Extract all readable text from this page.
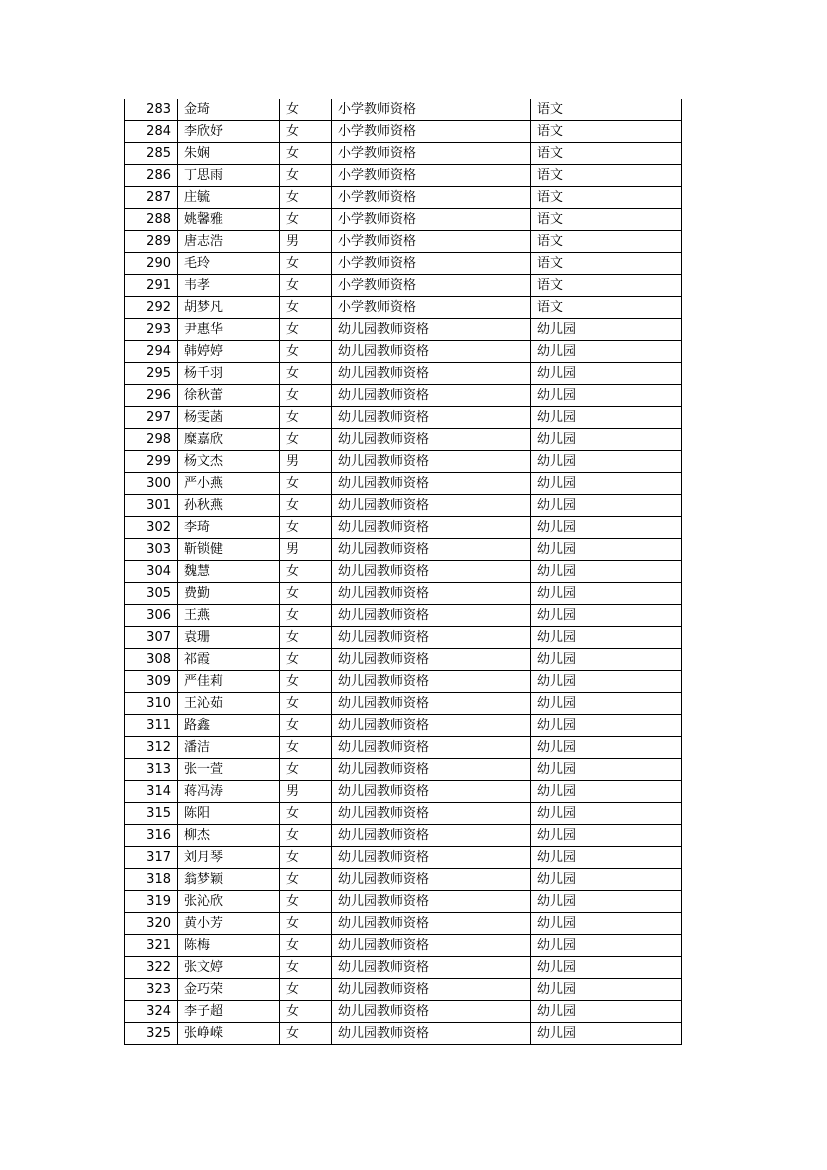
283	金琦	女	小学教师资格	语文
284	李欣妤	女	小学教师资格	语文
285	朱娴	女	小学教师资格	语文
286	丁思雨	女	小学教师资格	语文
287	庄毓	女	小学教师资格	语文
288	姚馨雅	女	小学教师资格	语文
289	唐志浩	男	小学教师资格	语文
290	毛玲	女	小学教师资格	语文
291	韦孝	女	小学教师资格	语文
292	胡梦凡	女	小学教师资格	语文
293	尹惠华	女	幼儿园教师资格	幼儿园
294	韩婷婷	女	幼儿园教师资格	幼儿园
295	杨千羽	女	幼儿园教师资格	幼儿园
296	徐秋蕾	女	幼儿园教师资格	幼儿园
297	杨雯菡	女	幼儿园教师资格	幼儿园
298	糜嘉欣	女	幼儿园教师资格	幼儿园
299	杨文杰	男	幼儿园教师资格	幼儿园
300	严小燕	女	幼儿园教师资格	幼儿园
301	孙秋燕	女	幼儿园教师资格	幼儿园
302	李琦	女	幼儿园教师资格	幼儿园
303	靳锁健	男	幼儿园教师资格	幼儿园
304	魏慧	女	幼儿园教师资格	幼儿园
305	费勤	女	幼儿园教师资格	幼儿园
306	王燕	女	幼儿园教师资格	幼儿园
307	袁珊	女	幼儿园教师资格	幼儿园
308	祁霞	女	幼儿园教师资格	幼儿园
309	严佳莉	女	幼儿园教师资格	幼儿园
310	王沁茹	女	幼儿园教师资格	幼儿园
311	路鑫	女	幼儿园教师资格	幼儿园
312	潘洁	女	幼儿园教师资格	幼儿园
313	张一萱	女	幼儿园教师资格	幼儿园
314	蒋冯涛	男	幼儿园教师资格	幼儿园
315	陈阳	女	幼儿园教师资格	幼儿园
316	柳杰	女	幼儿园教师资格	幼儿园
317	刘月琴	女	幼儿园教师资格	幼儿园
318	翁梦颖	女	幼儿园教师资格	幼儿园
319	张沁欣	女	幼儿园教师资格	幼儿园
320	黄小芳	女	幼儿园教师资格	幼儿园
321	陈梅	女	幼儿园教师资格	幼儿园
322	张文婷	女	幼儿园教师资格	幼儿园
323	金巧荣	女	幼儿园教师资格	幼儿园
324	李子超	女	幼儿园教师资格	幼儿园
325	张峥嵘	女	幼儿园教师资格	幼儿园
